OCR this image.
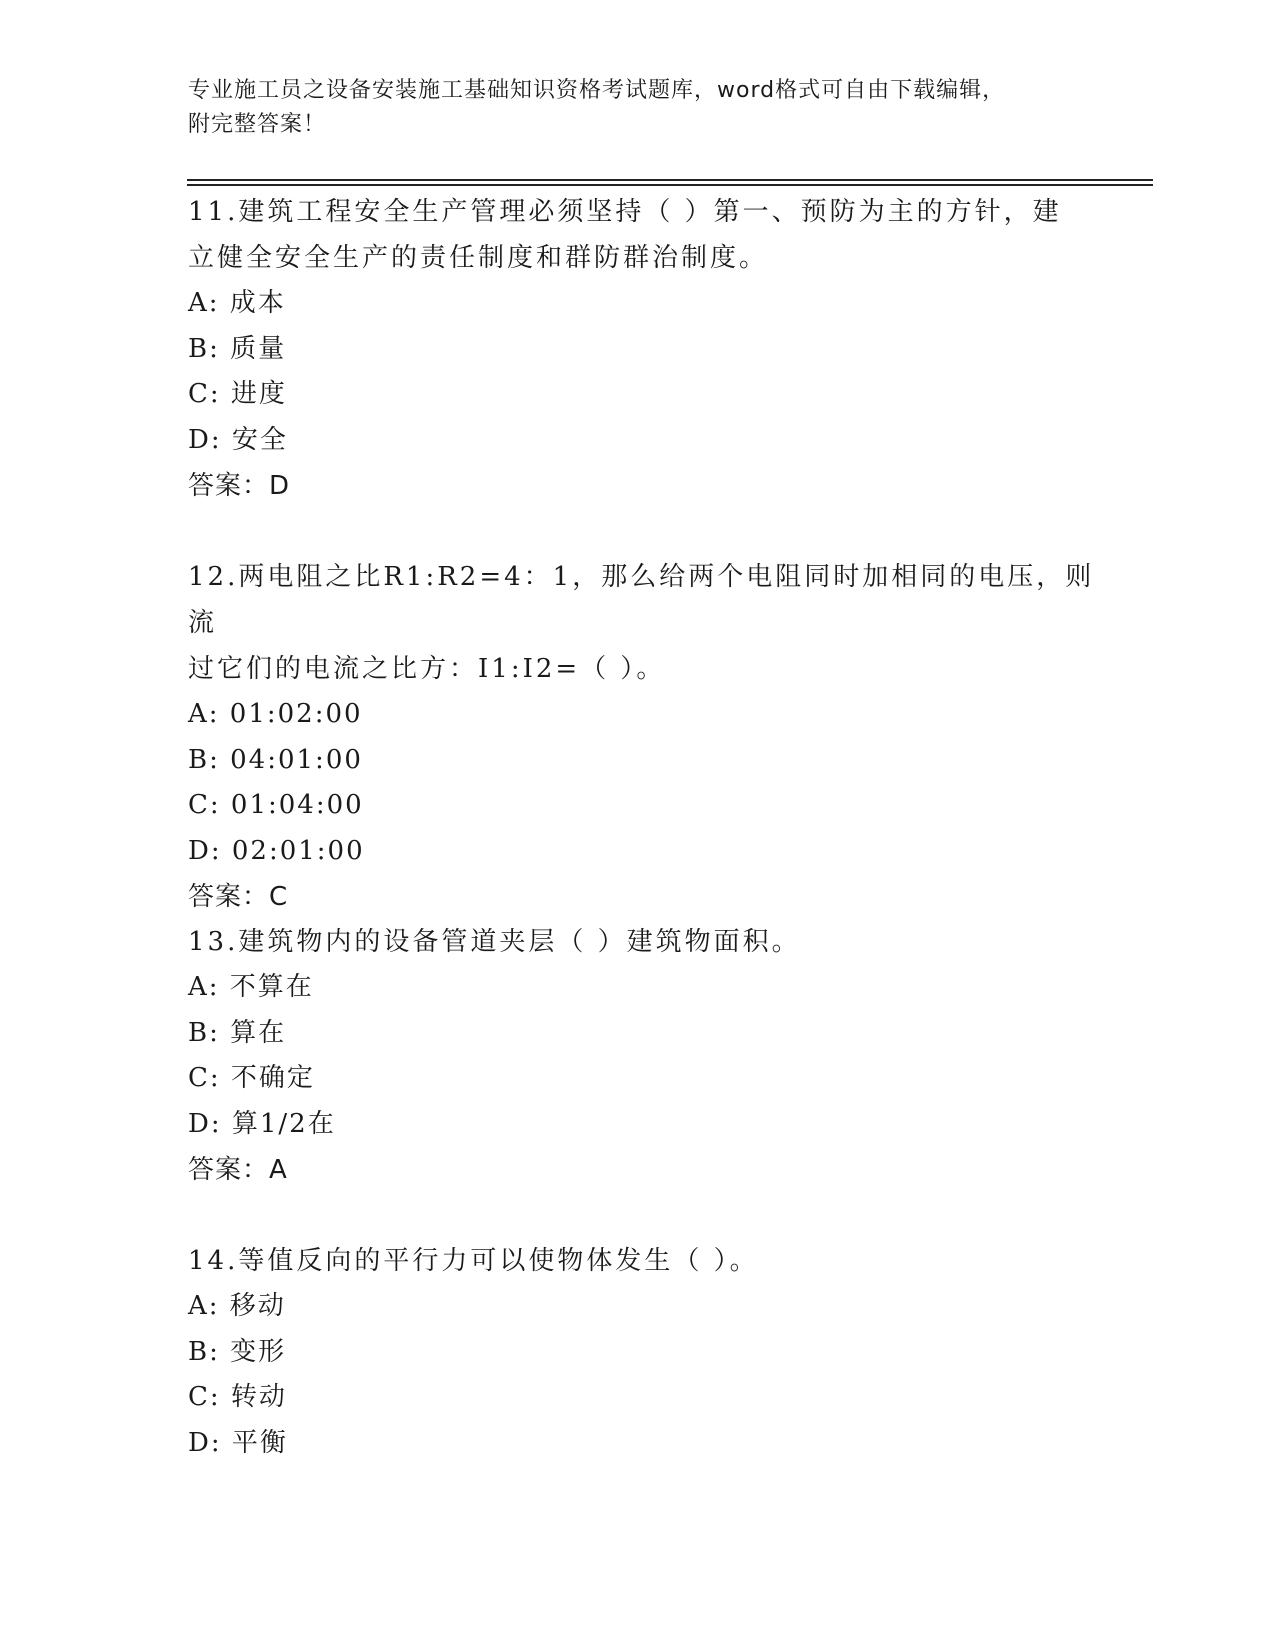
专业施工员之设备安装施工基础知识资格考试题库，word格式可自由下载编辑，
附完整答案！
11.建筑工程安全生产管理必须坚持（ ）第一、预防为主的方针，建
立健全安全生产的责任制度和群防群治制度。
A: 成本
B: 质量
C: 进度
D: 安全
答案：D
12.两电阻之比R1:R2=4：1，那么给两个电阻同时加相同的电压，则流
过它们的电流之比方：I1:I2=（ ）。
A: 01:02:00
B: 04:01:00
C: 01:04:00
D: 02:01:00
答案：C
13.建筑物内的设备管道夹层（ ）建筑物面积。
A: 不算在
B: 算在
C: 不确定
D: 算1/2在
答案：A
14.等值反向的平行力可以使物体发生（ ）。
A: 移动
B: 变形
C: 转动
D: 平衡
